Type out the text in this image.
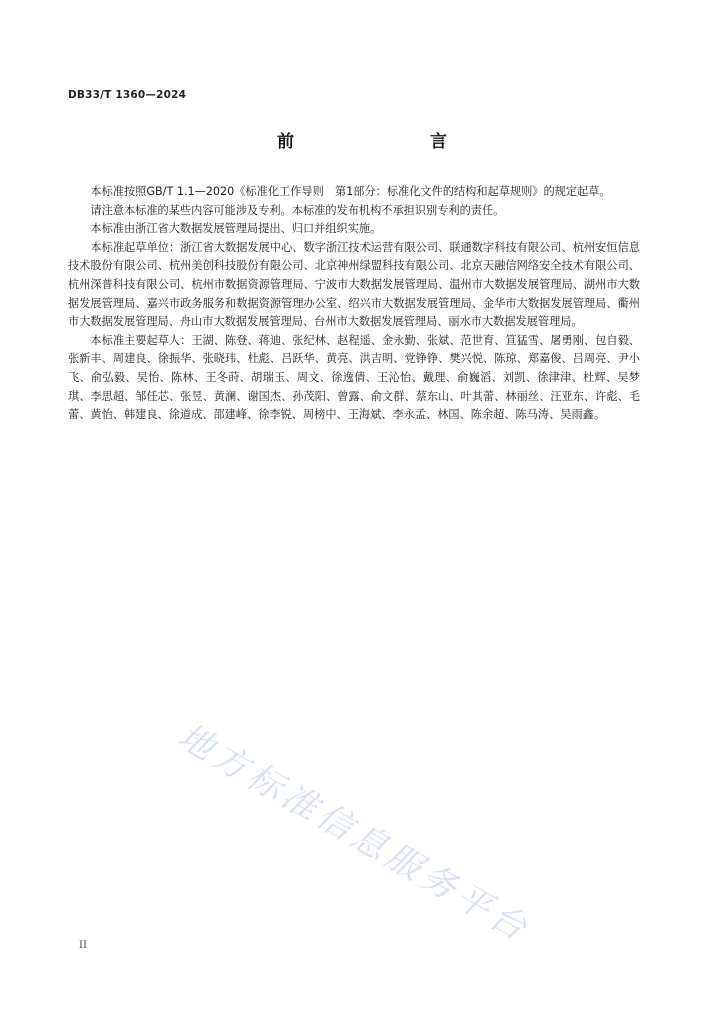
DB33/T 1360—2024
前　　言

本标准按照GB/T 1.1—2020《标准化工作导则　第1部分：标准化文件的结构和起草规则》的规定起草。

请注意本标准的某些内容可能涉及专利。本标准的发布机构不承担识别专利的责任。

本标准由浙江省大数据发展管理局提出、归口并组织实施。

本标准起草单位：浙江省大数据发展中心、数字浙江技术运营有限公司、联通数字科技有限公司、杭州安恒信息技术股份有限公司、杭州美创科技股份有限公司、北京神州绿盟科技有限公司、北京天融信网络安全技术有限公司、杭州深普科技有限公司、杭州市数据资源管理局、宁波市大数据发展管理局、温州市大数据发展管理局、湖州市大数据发展管理局、嘉兴市政务服务和数据资源管理办公室、绍兴市大数据发展管理局、金华市大数据发展管理局、衢州市大数据发展管理局、舟山市大数据发展管理局、台州市大数据发展管理局、丽水市大数据发展管理局。

本标准主要起草人：王湖、陈登、蒋迪、张纪林、赵程遥、金永勤、张斌、范世育、笪猛雪、屠勇刚、包自毅、张新丰、周建良、徐振华、张晓玮、杜彪、吕跃华、黄亮、洪吉明、党铮铮、樊兴悦、陈琼、郑嘉俊、吕周亮、尹小飞、俞弘毅、吴怡、陈林、王冬莳、胡瑞玉、周文、徐逸倩、王沁怡、戴理、俞巍滔、刘凯、徐津津、杜辉、吴梦琪、李思超、邹任芯、张昱、黄澜、谢国杰、孙茂阳、曾露、俞文群、蔡东山、叶其蕾、林丽丝、汪亚东、许彪、毛蕾、黄怡、韩建良、徐道成、邵建峰、徐李锐、周榜中、王海斌、李永孟、林国、陈余超、陈马涛、吴雨鑫。

地方标准信息服务平台
II
